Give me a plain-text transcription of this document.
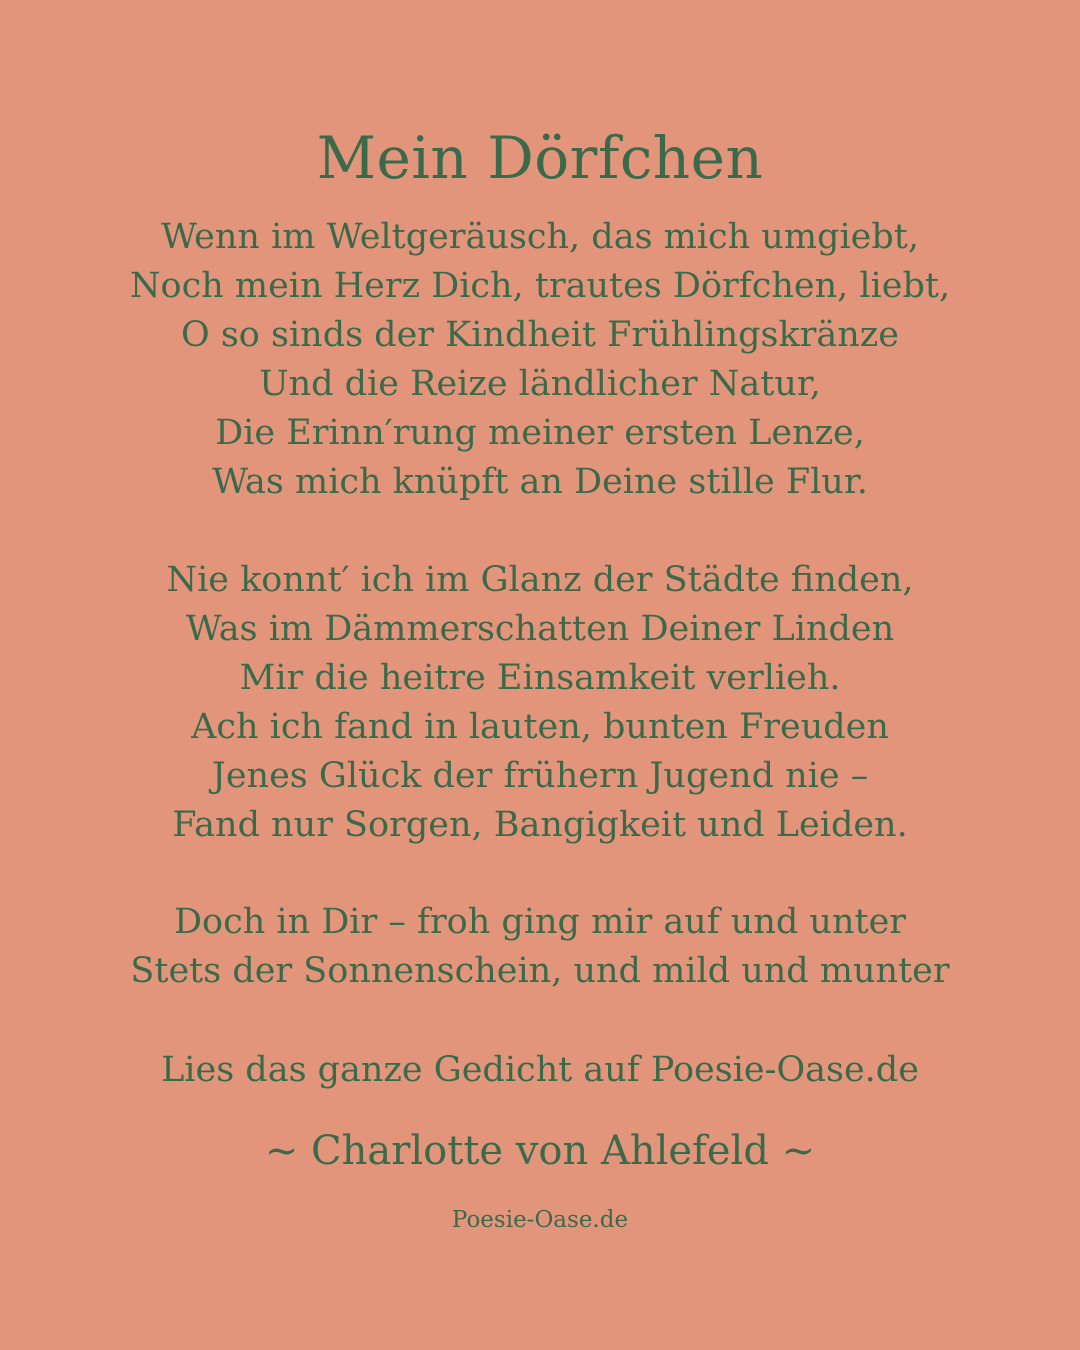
Mein Dörfchen
Wenn im Weltgeräusch, das mich umgiebt,
Noch mein Herz Dich, trautes Dörfchen, liebt,
O so sinds der Kindheit Frühlingskränze
Und die Reize ländlicher Natur,
Die Erinn′rung meiner ersten Lenze,
Was mich knüpft an Deine stille Flur.
Nie konnt′ ich im Glanz der Städte finden,
Was im Dämmerschatten Deiner Linden
Mir die heitre Einsamkeit verlieh.
Ach ich fand in lauten, bunten Freuden
Jenes Glück der frühern Jugend nie –
Fand nur Sorgen, Bangigkeit und Leiden.
Doch in Dir – froh ging mir auf und unter
Stets der Sonnenschein, und mild und munter
Lies das ganze Gedicht auf Poesie-Oase.de
~ Charlotte von Ahlefeld ~
Poesie-Oase.de
